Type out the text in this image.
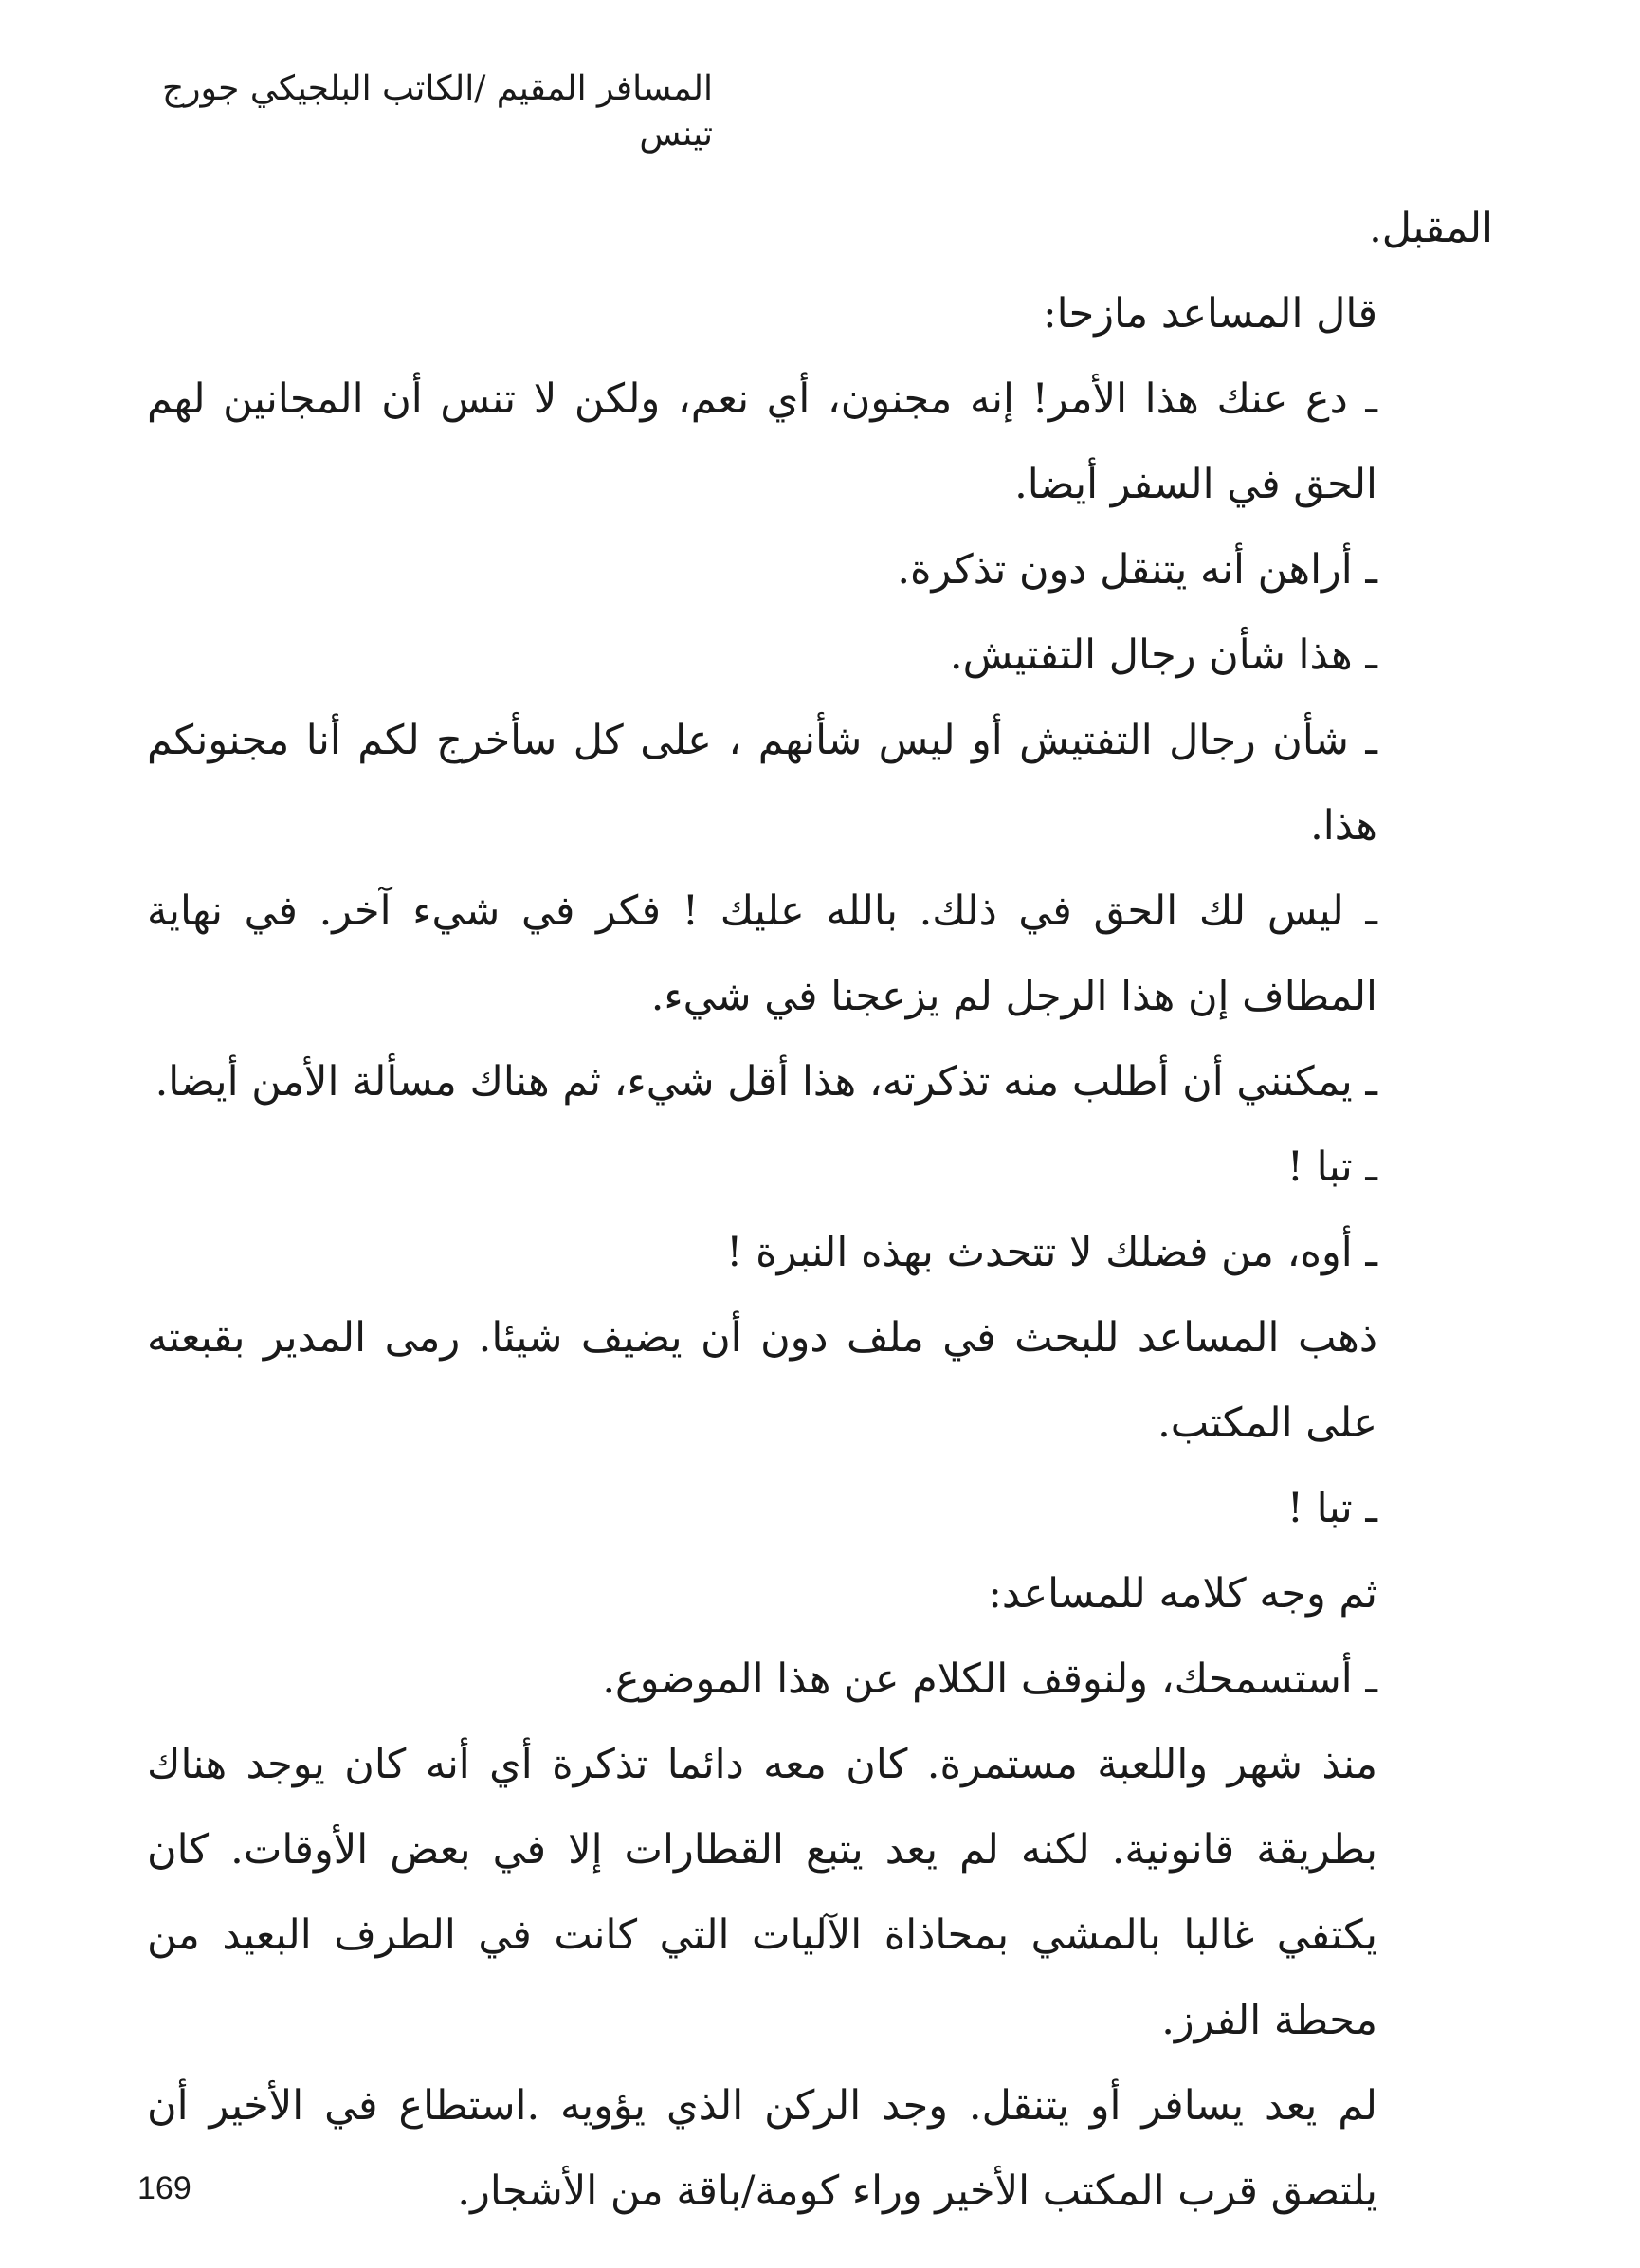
المسافر المقيم /الكاتب البلجيكي جورج تينس

المقبل.

قال المساعد مازحا:

ـ دع عنك هذا الأمر! إنه مجنون، أي نعم، ولكن لا تنس أن المجانين لهم الحق في السفر أيضا.

ـ أراهن أنه يتنقل دون تذكرة.

ـ هذا شأن رجال التفتيش.

ـ شأن رجال التفتيش أو ليس شأنهم ، على كل سأخرج لكم أنا مجنونكم هذا.

ـ ليس لك الحق في ذلك. بالله عليك ! فكر في شيء آخر. في نهاية المطاف إن هذا الرجل لم يزعجنا في شيء.

ـ يمكنني أن أطلب منه تذكرته، هذا أقل شيء، ثم هناك مسألة الأمن أيضا.

ـ تبا !

ـ أوه، من فضلك لا تتحدث بهذه النبرة !

ذهب المساعد للبحث في ملف دون أن يضيف شيئا. رمى المدير بقبعته على المكتب.

ـ تبا !

ثم وجه كلامه للمساعد:

ـ أستسمحك، ولنوقف الكلام عن هذا الموضوع.

منذ شهر واللعبة مستمرة. كان معه دائما تذكرة أي أنه كان يوجد هناك بطريقة قانونية. لكنه لم يعد يتبع القطارات إلا في بعض الأوقات. كان يكتفي غالبا بالمشي بمحاذاة الآليات التي كانت في الطرف البعيد من محطة الفرز.

لم يعد يسافر أو يتنقل. وجد الركن الذي يؤويه .استطاع في الأخير أن يلتصق قرب المكتب الأخير وراء كومة/باقة من الأشجار.

169
